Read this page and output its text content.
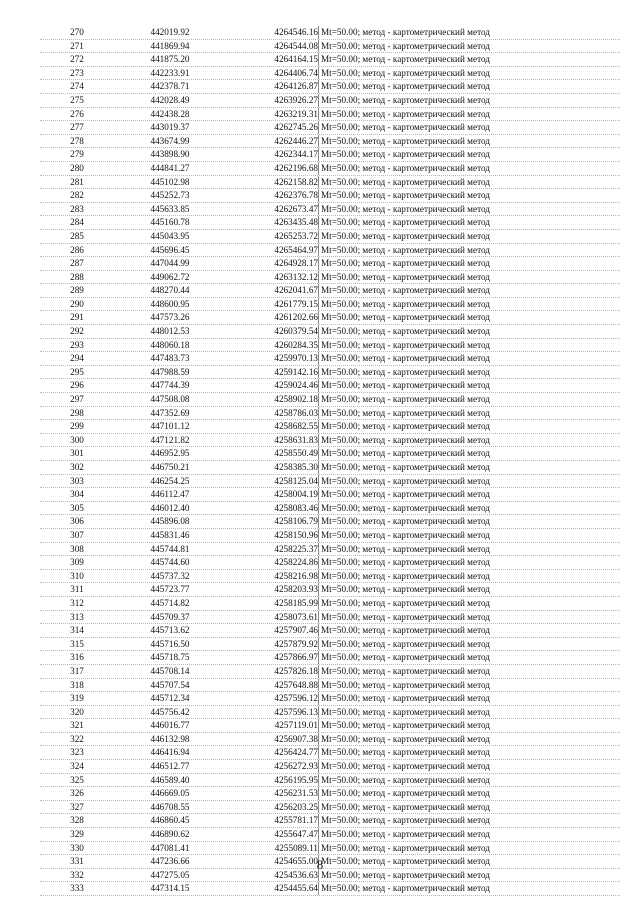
270	442019.92	4264546.16 Mt=50.00; метод - картометрический метод
271	441869.94	4264544.08 Mt=50.00; метод - картометрический метод
272	441875.20	4264164.15 Mt=50.00; метод - картометрический метод
273	442233.91	4264406.74 Mt=50.00; метод - картометрический метод
274	442378.71	4264126.87 Mt=50.00; метод - картометрический метод
275	442028.49	4263926.27 Mt=50.00; метод - картометрический метод
276	442438.28	4263219.31 Mt=50.00; метод - картометрический метод
277	443019.37	4262745.26 Mt=50.00; метод - картометрический метод
278	443674.99	4262446.27 Mt=50.00; метод - картометрический метод
279	443898.90	4262344.17 Mt=50.00; метод - картометрический метод
280	444841.27	4262196.68 Mt=50.00; метод - картометрический метод
281	445102.98	4262158.82 Mt=50.00; метод - картометрический метод
282	445252.73	4262376.78 Mt=50.00; метод - картометрический метод
283	445633.85	4262673.47 Mt=50.00; метод - картометрический метод
284	445160.78	4263435.48 Mt=50.00; метод - картометрический метод
285	445043.95	4265253.72 Mt=50.00; метод - картометрический метод
286	445696.45	4265464.97 Mt=50.00; метод - картометрический метод
287	447044.99	4264928.17 Mt=50.00; метод - картометрический метод
288	449062.72	4263132.12 Mt=50.00; метод - картометрический метод
289	448270.44	4262041.67 Mt=50.00; метод - картометрический метод
290	448600.95	4261779.15 Mt=50.00; метод - картометрический метод
291	447573.26	4261202.66 Mt=50.00; метод - картометрический метод
292	448012.53	4260379.54 Mt=50.00; метод - картометрический метод
293	448060.18	4260284.35 Mt=50.00; метод - картометрический метод
294	447483.73	4259970.13 Mt=50.00; метод - картометрический метод
295	447988.59	4259142.16 Mt=50.00; метод - картометрический метод
296	447744.39	4259024.46 Mt=50.00; метод - картометрический метод
297	447508.08	4258902.18 Mt=50.00; метод - картометрический метод
298	447352.69	4258786.03 Mt=50.00; метод - картометрический метод
299	447101.12	4258682.55 Mt=50.00; метод - картометрический метод
300	447121.82	4258631.83 Mt=50.00; метод - картометрический метод
301	446952.95	4258550.49 Mt=50.00; метод - картометрический метод
302	446750.21	4258385.30 Mt=50.00; метод - картометрический метод
303	446254.25	4258125.04 Mt=50.00; метод - картометрический метод
304	446112.47	4258004.19 Mt=50.00; метод - картометрический метод
305	446012.40	4258083.46 Mt=50.00; метод - картометрический метод
306	445896.08	4258106.79 Mt=50.00; метод - картометрический метод
307	445831.46	4258150.96 Mt=50.00; метод - картометрический метод
308	445744.81	4258225.37 Mt=50.00; метод - картометрический метод
309	445744.60	4258224.86 Mt=50.00; метод - картометрический метод
310	445737.32	4258216.98 Mt=50.00; метод - картометрический метод
311	445723.77	4258203.93 Mt=50.00; метод - картометрический метод
312	445714.82	4258185.99 Mt=50.00; метод - картометрический метод
313	445709.37	4258073.61 Mt=50.00; метод - картометрический метод
314	445713.62	4257907.46 Mt=50.00; метод - картометрический метод
315	445716.50	4257879.92 Mt=50.00; метод - картометрический метод
316	445718.75	4257866.97 Mt=50.00; метод - картометрический метод
317	445708.14	4257826.18 Mt=50.00; метод - картометрический метод
318	445707.54	4257648.88 Mt=50.00; метод - картометрический метод
319	445712.34	4257596.12 Mt=50.00; метод - картометрический метод
320	445756.42	4257596.13 Mt=50.00; метод - картометрический метод
321	446016.77	4257119.01 Mt=50.00; метод - картометрический метод
322	446132.98	4256907.38 Mt=50.00; метод - картометрический метод
323	446416.94	4256424.77 Mt=50.00; метод - картометрический метод
324	446512.77	4256272.93 Mt=50.00; метод - картометрический метод
325	446589.40	4256195.95 Mt=50.00; метод - картометрический метод
326	446669.05	4256231.53 Mt=50.00; метод - картометрический метод
327	446708.55	4256203.25 Mt=50.00; метод - картометрический метод
328	446860.45	4255781.17 Mt=50.00; метод - картометрический метод
329	446890.62	4255647.47 Mt=50.00; метод - картометрический метод
330	447081.41	4255089.11 Mt=50.00; метод - картометрический метод
331	447236.66	4254655.00 Mt=50.00; метод - картометрический метод
332	447275.05	4254536.63 Mt=50.00; метод - картометрический метод
333	447314.15	4254455.64 Mt=50.00; метод - картометрический метод
8
